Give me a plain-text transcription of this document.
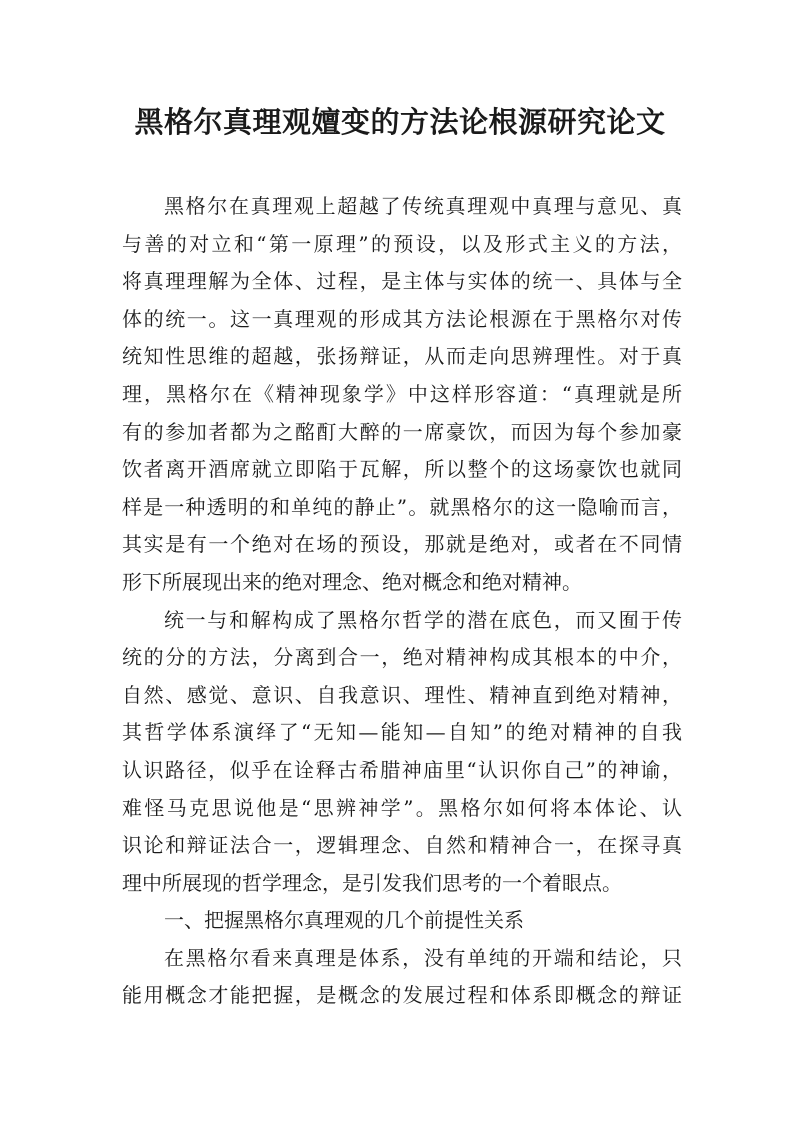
黑格尔真理观嬗变的方法论根源研究论文
黑格尔在真理观上超越了传统真理观中真理与意见、真
与善的对立和“第一原理”的预设，以及形式主义的方法，
将真理理解为全体、过程，是主体与实体的统一、具体与全
体的统一。这一真理观的形成其方法论根源在于黑格尔对传
统知性思维的超越，张扬辩证，从而走向思辨理性。对于真
理，黑格尔在《精神现象学》中这样形容道：“真理就是所
有的参加者都为之酩酊大醉的一席豪饮，而因为每个参加豪
饮者离开酒席就立即陷于瓦解，所以整个的这场豪饮也就同
样是一种透明的和单纯的静止”。就黑格尔的这一隐喻而言，
其实是有一个绝对在场的预设，那就是绝对，或者在不同情
形下所展现出来的绝对理念、绝对概念和绝对精神。
统一与和解构成了黑格尔哲学的潜在底色，而又囿于传
统的分的方法，分离到合一，绝对精神构成其根本的中介，
自然、感觉、意识、自我意识、理性、精神直到绝对精神，
其哲学体系演绎了“无知—能知—自知”的绝对精神的自我
认识路径，似乎在诠释古希腊神庙里“认识你自己”的神谕，
难怪马克思说他是“思辨神学”。黑格尔如何将本体论、认
识论和辩证法合一，逻辑理念、自然和精神合一，在探寻真
理中所展现的哲学理念，是引发我们思考的一个着眼点。
一、把握黑格尔真理观的几个前提性关系
在黑格尔看来真理是体系，没有单纯的开端和结论，只
能用概念才能把握，是概念的发展过程和体系即概念的辩证
